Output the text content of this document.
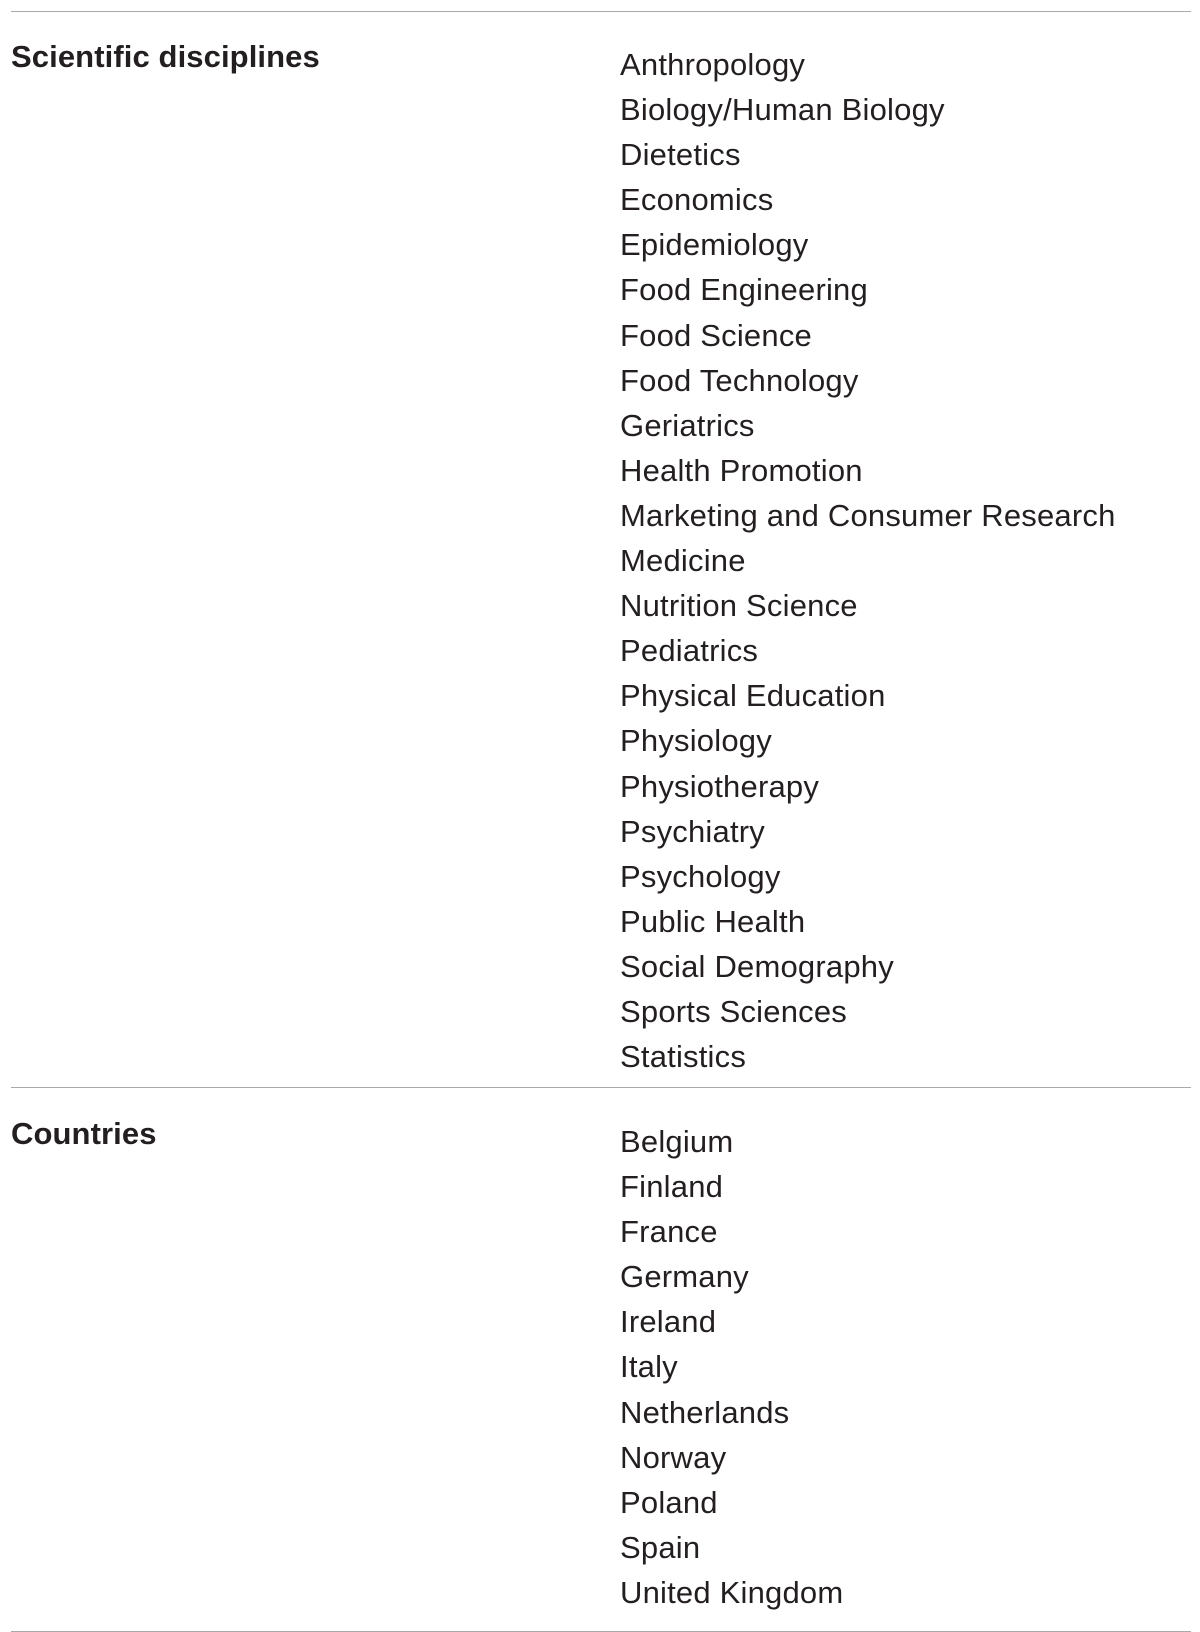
Scientific disciplines	Anthropology
Biology/Human Biology
Dietetics
Economics
Epidemiology
Food Engineering
Food Science
Food Technology
Geriatrics
Health Promotion
Marketing and Consumer Research
Medicine
Nutrition Science
Pediatrics
Physical Education
Physiology
Physiotherapy
Psychiatry
Psychology
Public Health
Social Demography
Sports Sciences
Statistics
Countries	Belgium
Finland
France
Germany
Ireland
Italy
Netherlands
Norway
Poland
Spain
United Kingdom
